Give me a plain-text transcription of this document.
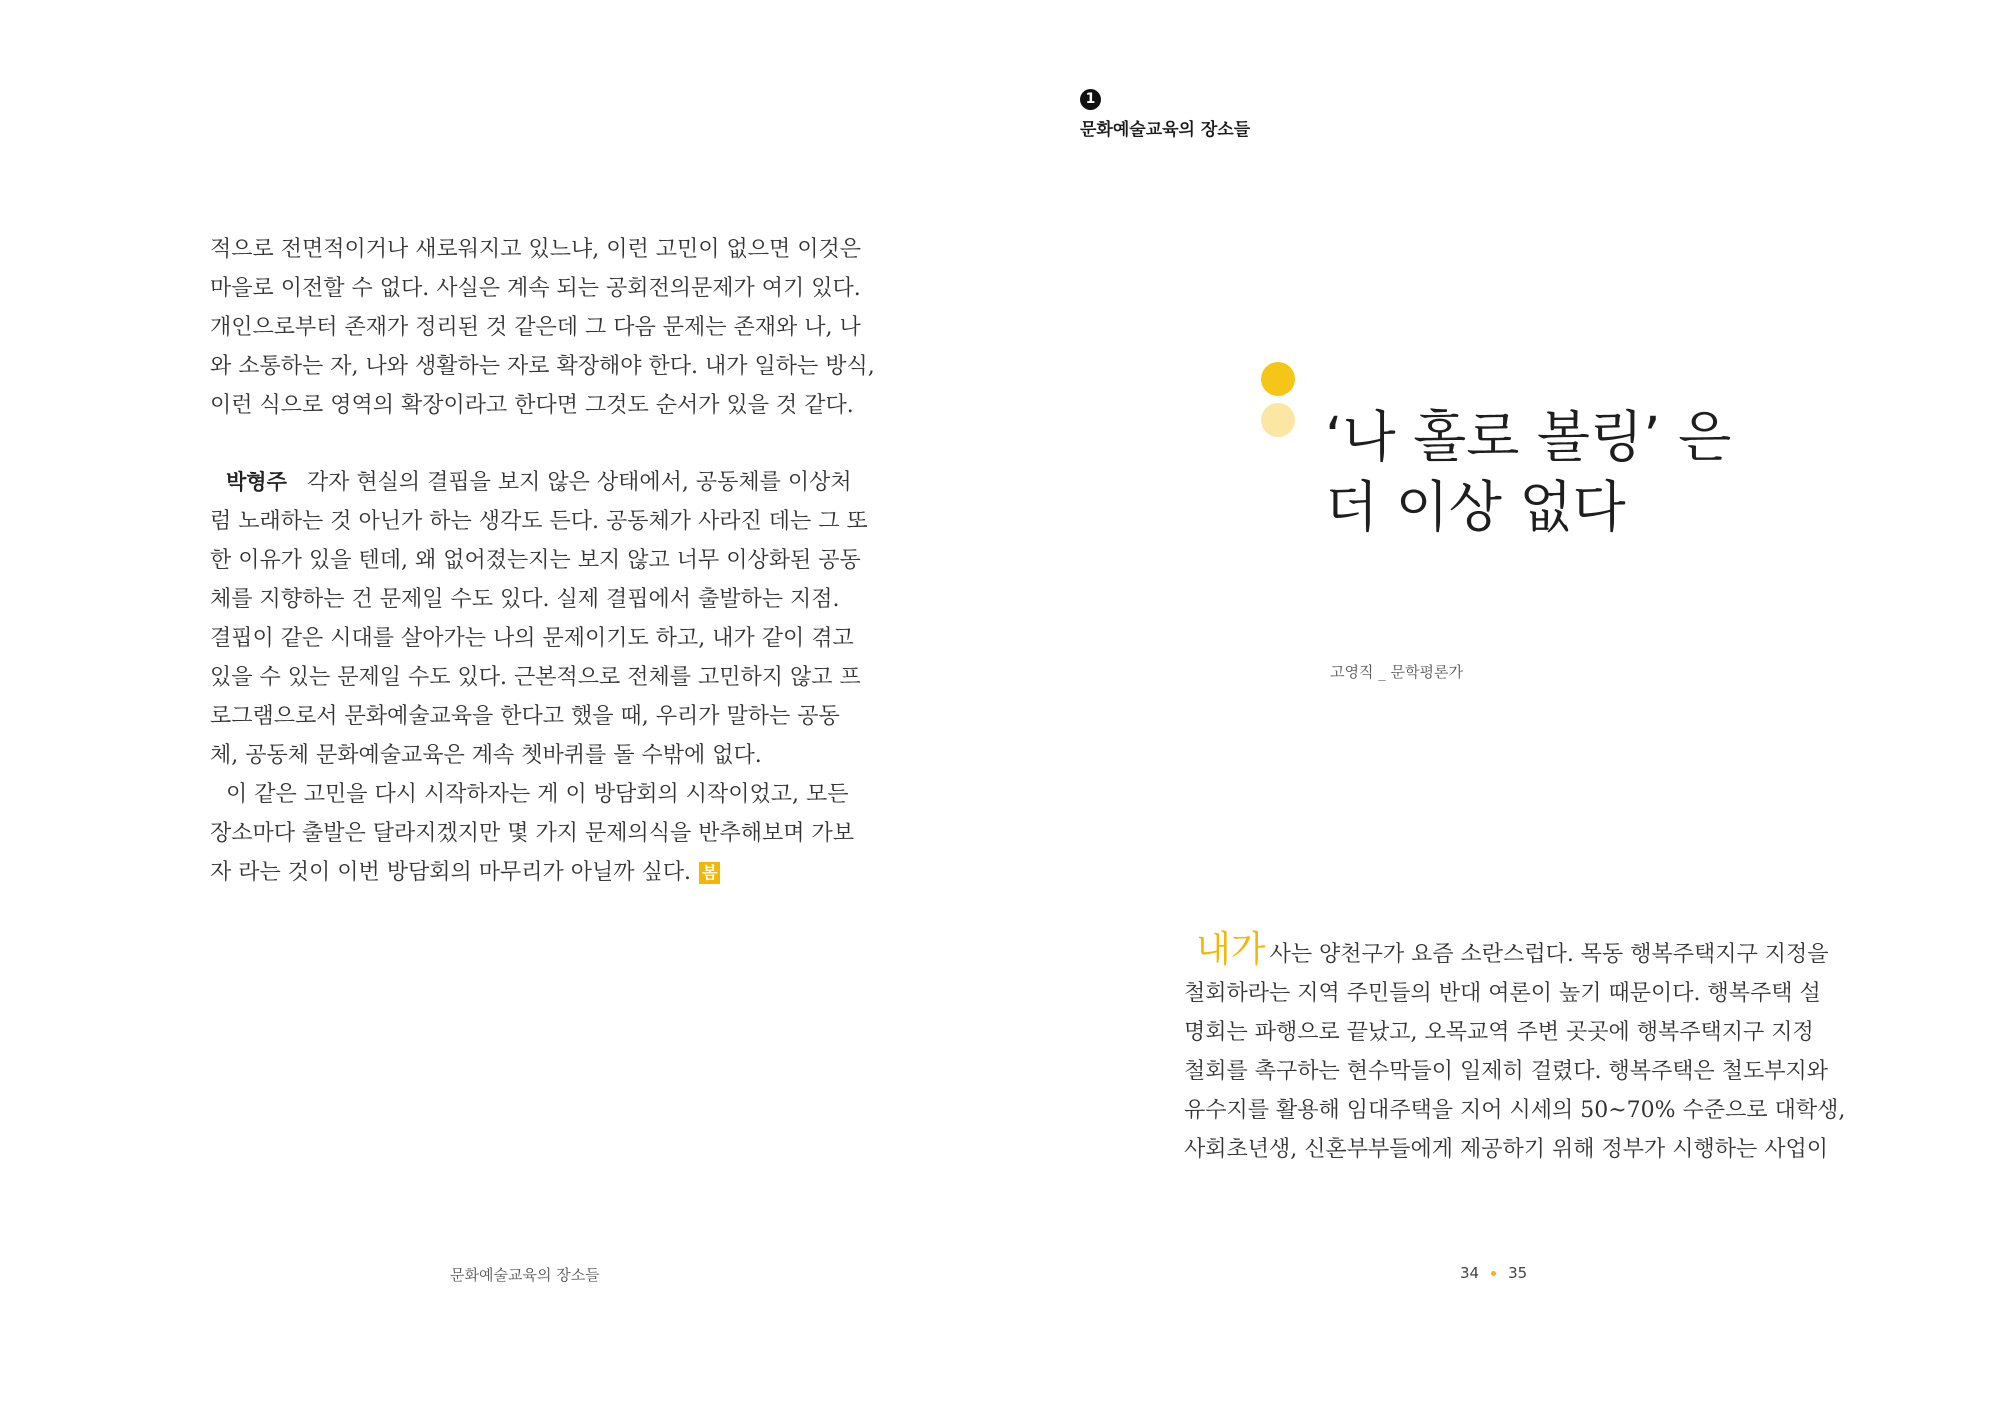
적으로 전면적이거나 새로워지고 있느냐, 이런 고민이 없으면 이것은

마을로 이전할 수 없다. 사실은 계속 되는 공회전의문제가 여기 있다.

개인으로부터 존재가 정리된 것 같은데 그 다음 문제는 존재와 나, 나

와 소통하는 자, 나와 생활하는 자로 확장해야 한다. 내가 일하는 방식,

이런 식으로 영역의 확장이라고 한다면 그것도 순서가 있을 것 같다.

박형주 각자 현실의 결핍을 보지 않은 상태에서, 공동체를 이상처

럼 노래하는 것 아닌가 하는 생각도 든다. 공동체가 사라진 데는 그 또

한 이유가 있을 텐데, 왜 없어졌는지는 보지 않고 너무 이상화된 공동

체를 지향하는 건 문제일 수도 있다. 실제 결핍에서 출발하는 지점.

결핍이 같은 시대를 살아가는 나의 문제이기도 하고, 내가 같이 겪고

있을 수 있는 문제일 수도 있다. 근본적으로 전체를 고민하지 않고 프

로그램으로서 문화예술교육을 한다고 했을 때, 우리가 말하는 공동

체, 공동체 문화예술교육은 계속 쳇바퀴를 돌 수밖에 없다.

이 같은 고민을 다시 시작하자는 게 이 방담회의 시작이었고, 모든

장소마다 출발은 달라지겠지만 몇 가지 문제의식을 반추해보며 가보

자 라는 것이 이번 방담회의 마무리가 아닐까 싶다. 봄

문화예술교육의 장소들
1
문화예술교육의 장소들
‘나 홀로 볼링’ 은
더 이상 없다
고영직 _ 문학평론가

내가 사는 양천구가 요즘 소란스럽다. 목동 행복주택지구 지정을

철회하라는 지역 주민들의 반대 여론이 높기 때문이다. 행복주택 설

명회는 파행으로 끝났고, 오목교역 주변 곳곳에 행복주택지구 지정

철회를 촉구하는 현수막들이 일제히 걸렸다. 행복주택은 철도부지와

유수지를 활용해 임대주택을 지어 시세의 50~70% 수준으로 대학생,

사회초년생, 신혼부부들에게 제공하기 위해 정부가 시행하는 사업이

34 35
